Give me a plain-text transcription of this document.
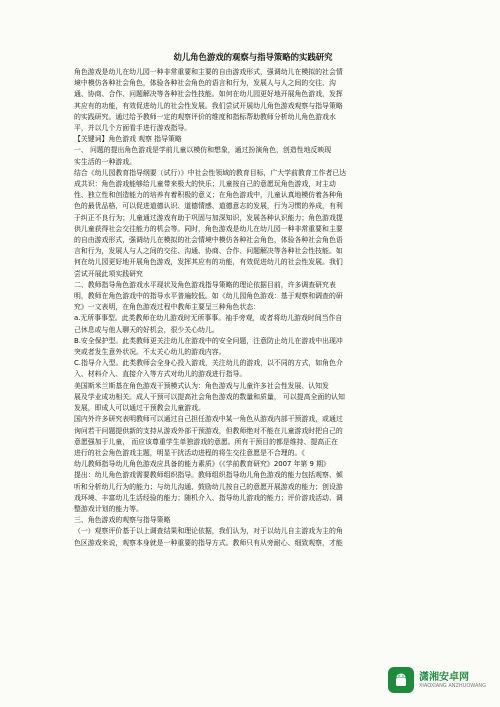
幼儿角色游戏的观察与指导策略的实践研究
角色游戏是幼儿在幼儿园一种非常重要和主要的自由游戏形式，强调幼儿在模拟的社会情
境中模仿各种社会角色，体验各种社会角色的语言和行为，发展人与人之间的交往、沟
通、协商、合作、问题解决等各种社会性技能。如何在幼儿园更好地开展角色游戏，发挥
其应有的功能，有效促进幼儿的社会性发展。我们尝试开展幼儿角色游戏观察与指导策略
的实践研究。通过给予教师一定的观察评价的维度和指标帮助教师分析幼儿角色游戏水
平，并以几个方面看手进行游戏指导。
【关键词】角色游戏 观察 指导策略
一、 问题的提出角色游戏是学前儿童以模仿和想象，通过扮演角色，创造性地反映现
实生活的一种游戏。
结合《幼儿园教育指导纲要（试行）》中社会性领域的教育目标，广大学前教育工作者已达
成共识：角色游戏能够给儿童带来极大的快乐；儿童按自己的意愿玩角色游戏，对主动
性、独立性和创造能力的培养有着积极的意义；在角色游戏中，儿童认真地模仿着各种角
色的最优品格，可以促进道德认识、道德情感、道德意志的发展，行为习惯的养成，有利
于纠正不良行为；儿童通过游戏有助于巩固与加深知识，发展各种认识能力；角色游戏提
供儿童获得社会交往能力的机会等。同时，角色游戏是幼儿在幼儿园一种非常重要和主要
的自由游戏形式，强调幼儿在模拟的社会情境中模仿各种社会角色，体验各种社会角色语
言和行为，发展人与人之间的交往、沟通、协商、合作、问题解决等各种社会性技能。如
何在幼儿园更好地开展角色游戏，发挥其应有的功能，有效促进幼儿的社会性发展。我们
尝试开展此项实践研究
二、教师指导角色游戏水平现状及角色游戏指导策略的理论依据目前，许多调查研究表
明，教师在角色游戏中的指导水平普遍较低。如《幼儿园角色游戏：基于观察和调查的研
究》一文表明，在角色游戏过程中教师主要呈三种角色状态：
a.无所事事型。此类教师在幼儿游戏时无所事事。袖手旁观，或者将幼儿游戏时间当作自
己休息或与他人聊天的好机会，很少关心幼儿。
B.安全保护型。此类教师更关注幼儿在游戏中的安全问题，注意防止幼儿在游戏中出现冲
突或者发生意外状况。不太关心幼儿的游戏内容。
C.指导介入型。此类教师会全身心投入游戏，关注幼儿的游戏，以不同的方式，如角色介
入、材料介入、直接介入等方式对幼儿的游戏进行指导。
美国斯米兰斯基在角色游戏干预模式认为：角色游戏与儿童许多社会性发展、认知发
展及学业成功相关。成人干预可以提高社会角色游戏的数量和质量， 可以提高全面的认知
发展，即成人可以通过干预教会儿童游戏。
国内外许多研究表明教师可以通过自己担任游戏中某一角色从游戏内部干预游戏，或通过
询问若干问题提供新的支持从游戏外部干预游戏，但教师绝对不能在儿童游戏时把自己的
意愿强加于儿童， 而应该尊重学生单独游戏的意愿。所有干预目的都是维持、提高正在
进行的社会角色游戏主题，明显干扰活动进程的将生交往意愿是不合理的。《
幼儿教师指导幼儿角色游戏应具备的能力素质》《《学前教育研究》2007 年第 9 期》
提出：幼儿角色游戏需要教师组织指导。教师组织指导幼儿角色游戏的能力包括观察、倾
听和分析幼儿行为的能力；与幼儿沟通、鼓励幼儿按自己的意愿开展游戏的能力；创设游
戏环境、丰富幼儿生活经验的能力；随机介入、指导幼儿游戏的能力；评价游戏活动、调
整游戏计划的能力等。
三、角色游戏的观察与指导策略
（一）观察评价基于以上调查结果和理论依据，我们认为，对于以幼儿自主游戏为主的角
色区游戏来说，观察本身就是一种重要的指导方式。教师只有从旁耐心、细致观察，才能
潇湘安卓网
XIAOXIANG ANZHUOWANG
